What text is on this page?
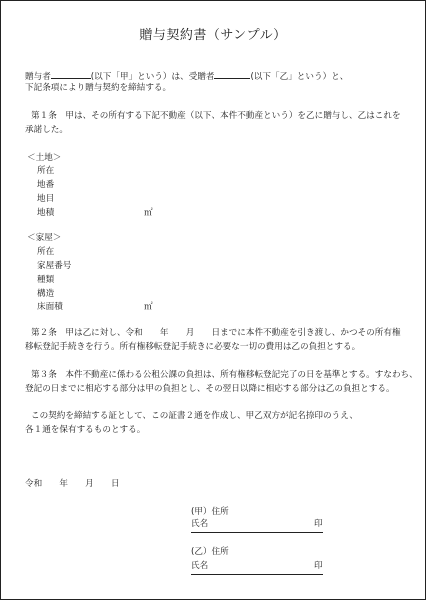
贈与契約書（サンプル）
贈与者	(以下「甲」という）は、受贈者	(以下「乙」という）と、
下記条項により贈与契約を締結する。
第１条　甲は、その所有する下記不動産（以下、本件不動産という）を乙に贈与し、乙はこれを
承諾した。
＜土地＞
所在
地番
地目
地積	㎡
＜家屋＞
所在
家屋番号
種類
構造
床面積	㎡
第２条　甲は乙に対し、令和　　年　　月　　日までに本件不動産を引き渡し、かつその所有権
移転登記手続きを行う。所有権移転登記手続きに必要な一切の費用は乙の負担とする。
第３条　本件不動産に係わる公租公課の負担は、所有権移転登記完了の日を基準とする。すなわち、
登記の日までに相応する部分は甲の負担とし、その翌日以降に相応する部分は乙の負担とする。
この契約を締結する証として、この証書２通を作成し、甲乙双方が記名捺印のうえ、
各１通を保有するものとする。
令和　　年　　月　　日
(甲）住所
氏名	印
(乙）住所
氏名	印
